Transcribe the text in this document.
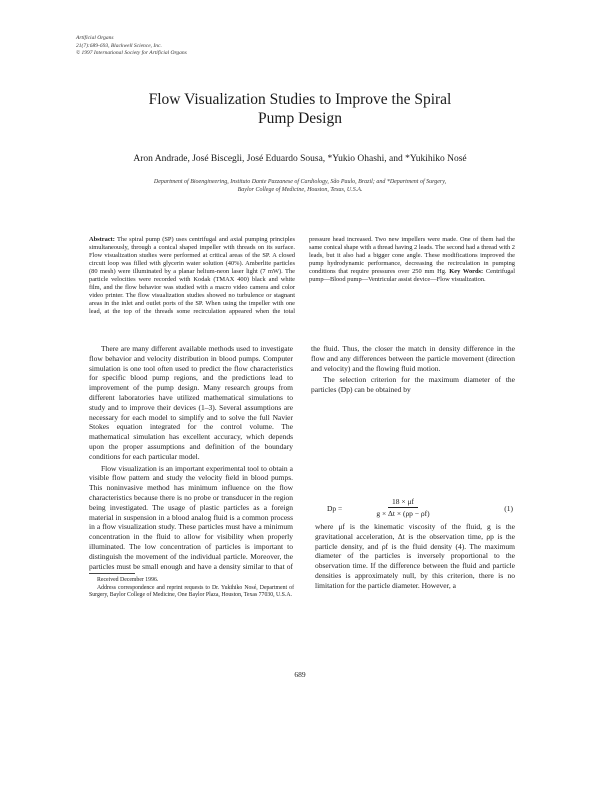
Artificial Organs
21(7):689-693, Blackwell Science, Inc.
© 1997 International Society for Artificial Organs
Flow Visualization Studies to Improve the Spiral
Pump Design
Aron Andrade, José Biscegli, José Eduardo Sousa, *Yukio Ohashi, and *Yukihiko Nosé
Department of Bioengineering, Instituto Dante Pazzanese of Cardiology, São Paulo, Brazil; and *Department of Surgery,
Baylor College of Medicine, Houston, Texas, U.S.A.
Abstract: The spiral pump (SP) uses centrifugal and axial pumping principles simultaneously, through a conical shaped impeller with threads on its surface. Flow visualization studies were performed at critical areas of the SP. A closed circuit loop was filled with glycerin water solution (40%). Amberlite particles (80 mesh) were illuminated by a planar helium-neon laser light (7 mW). The particle velocities were recorded with Kodak (TMAX 400) black and white film, and the flow behavior was studied with a macro video camera and color video printer. The flow visualization studies showed no turbulence or stagnant areas in the inlet and outlet ports of the SP. When using the impeller with one lead, at the top of the threads some recirculation appeared when the total pressure head increased. Two new impellers were made. One of them had the same conical shape with a thread having 2 leads. The second had a thread with 2 leads, but it also had a bigger cone angle. These modifications improved the pump hydrodynamic performance, decreasing the recirculation in pumping conditions that require pressures over 250 mm Hg. Key Words: Centrifugal pump—Blood pump—Ventricular assist device—Flow visualization.

There are many different available methods used to investigate flow behavior and velocity distribution in blood pumps. Computer simulation is one tool often used to predict the flow characteristics for specific blood pump regions, and the predictions lead to improvement of the pump design. Many research groups from different laboratories have utilized mathematical simulations to study and to improve their devices (1–3). Several assumptions are necessary for each model to simplify and to solve the full Navier Stokes equation integrated for the control volume. The mathematical simulation has excellent accuracy, which depends upon the proper assumptions and definition of the boundary conditions for each particular model.

Flow visualization is an important experimental tool to obtain a visible flow pattern and study the velocity field in blood pumps. This noninvasive method has minimum influence on the flow characteristics because there is no probe or transducer in the region being investigated. The usage of plastic particles as a foreign material in suspension in a blood analog fluid is a common process in a flow visualization study. These particles must have a minimum concentration in the fluid to allow for visibility when properly illuminated. The low concentration of particles is important to distinguish the movement of the individual particle. Moreover, the particles must be small enough and have a density similar to that of the fluid. Thus, the closer the match in density difference in the flow and any differences between the particle movement (direction and velocity) and the flowing fluid motion.

The selection criterion for the maximum diameter of the particles (Dp) can be obtained by

$Dp = \frac{18 \times \mu f}{g \times \Delta t \times (\rho p - \rho f)}$	(1)
where μf is the kinematic viscosity of the fluid, g is the gravitational acceleration, Δt is the observation time, ρp is the particle density, and ρf is the fluid density (4). The maximum diameter of the particles is inversely proportional to the observation time. If the difference between the fluid and particle densities is approximately null, by this criterion, there is no limitation for the particle diameter. However, a

Received December 1996.

Address correspondence and reprint requests to Dr. Yukihiko Nosé, Department of Surgery, Baylor College of Medicine, One Baylor Plaza, Houston, Texas 77030, U.S.A.

689
